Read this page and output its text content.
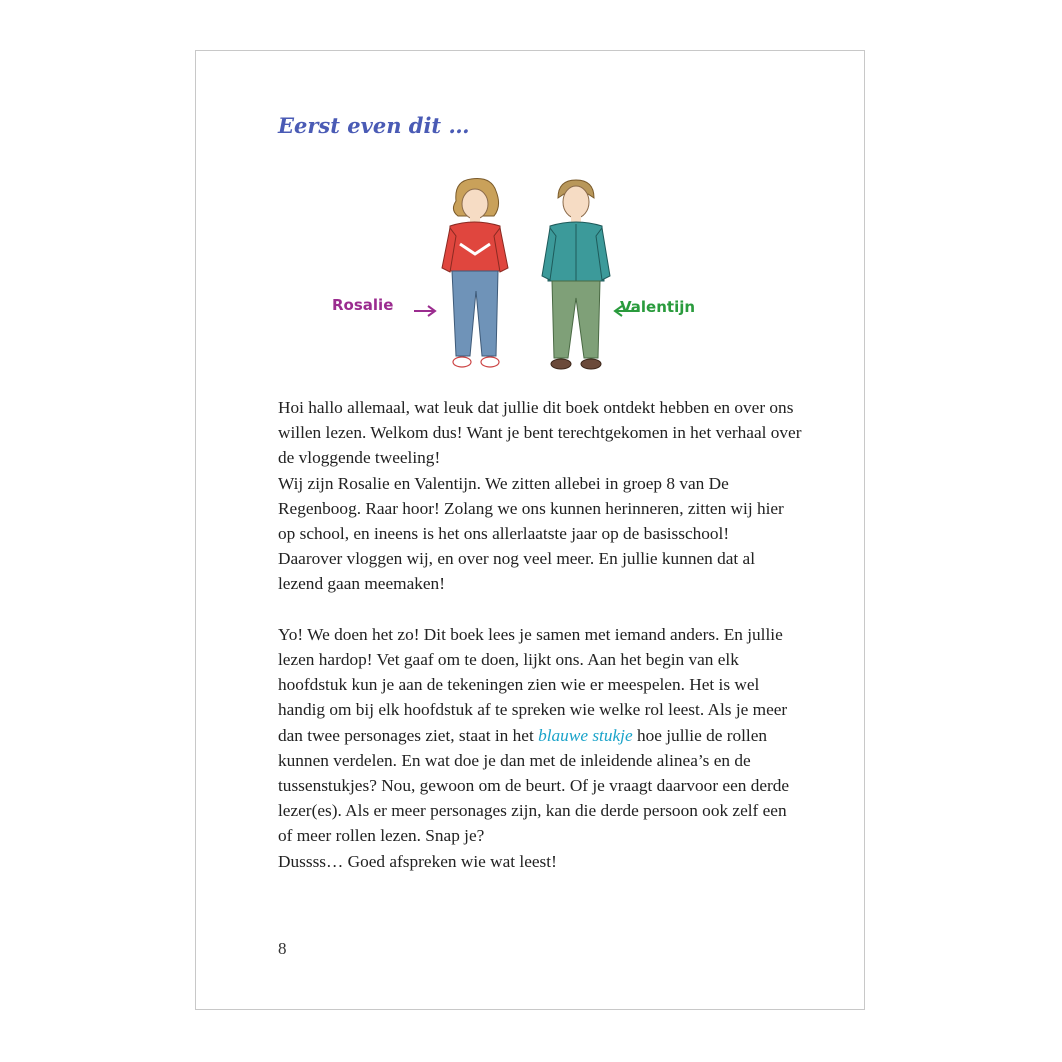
Eerst even dit …
Rosalie	Valentijn

Hoi hallo allemaal, wat leuk dat jullie dit boek ontdekt hebben en over ons willen lezen. Welkom dus! Want je bent terechtgekomen in het verhaal over de vloggende tweeling!

Wij zijn Rosalie en Valentijn. We zitten allebei in groep 8 van De Regenboog. Raar hoor! Zolang we ons kunnen herinneren, zitten wij hier op school, en ineens is het ons allerlaatste jaar op de basisschool!

Daarover vloggen wij, en over nog veel meer. En jullie kunnen dat al lezend gaan meemaken!

Yo! We doen het zo! Dit boek lees je samen met iemand anders. En jullie lezen hardop! Vet gaaf om te doen, lijkt ons. Aan het begin van elk hoofdstuk kun je aan de tekeningen zien wie er meespelen. Het is wel handig om bij elk hoofdstuk af te spreken wie welke rol leest. Als je meer dan twee personages ziet, staat in het blauwe stukje hoe jullie de rollen kunnen verdelen. En wat doe je dan met de inleidende alinea’s en de tussenstukjes? Nou, gewoon om de beurt. Of je vraagt daarvoor een derde lezer(es). Als er meer personages zijn, kan die derde persoon ook zelf een of meer rollen lezen. Snap je?

Dussss… Goed afspreken wie wat leest!

8
